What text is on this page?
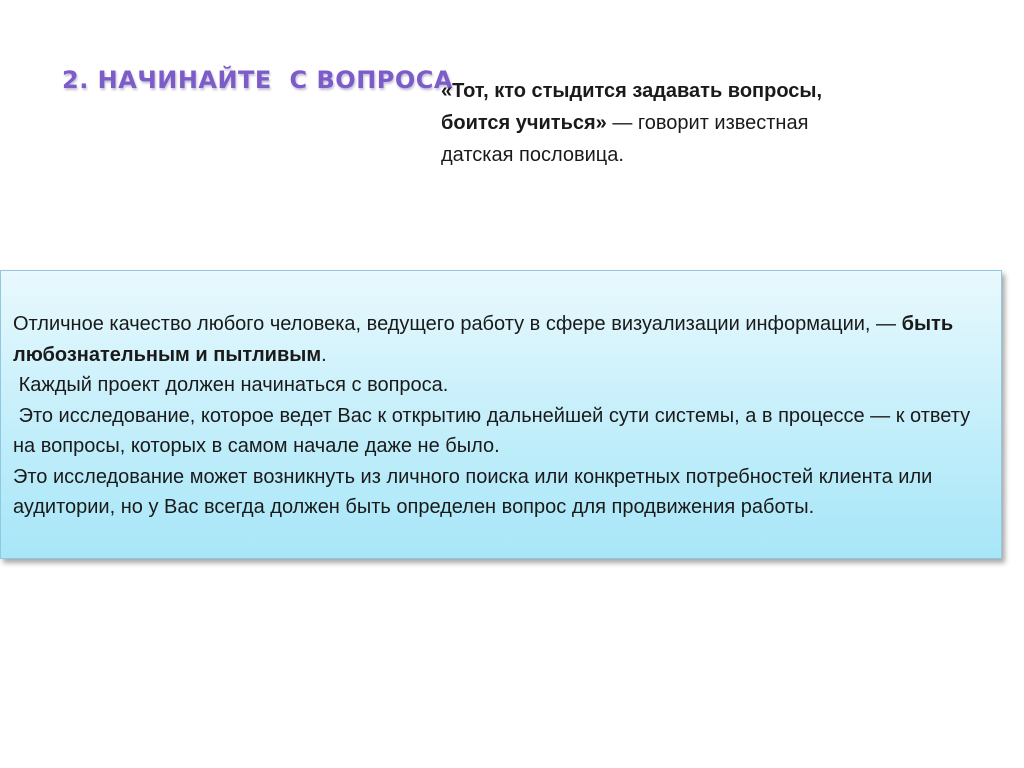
2. НАЧИНАЙТЕ  С ВОПРОСА
«Тот, кто стыдится задавать вопросы, боится учиться» — говорит известная датская пословица.

Отличное качество любого человека, ведущего работу в сфере визуализации информации, — быть любознательным и пытливым.

Каждый проект должен начинаться с вопроса.

Это исследование, которое ведет Вас к открытию дальнейшей сути системы, а в процессе — к ответу на вопросы, которых в самом начале даже не было.

Это исследование может возникнуть из личного поиска или конкретных потребностей клиента или аудитории, но у Вас всегда должен быть определен вопрос для продвижения работы.
